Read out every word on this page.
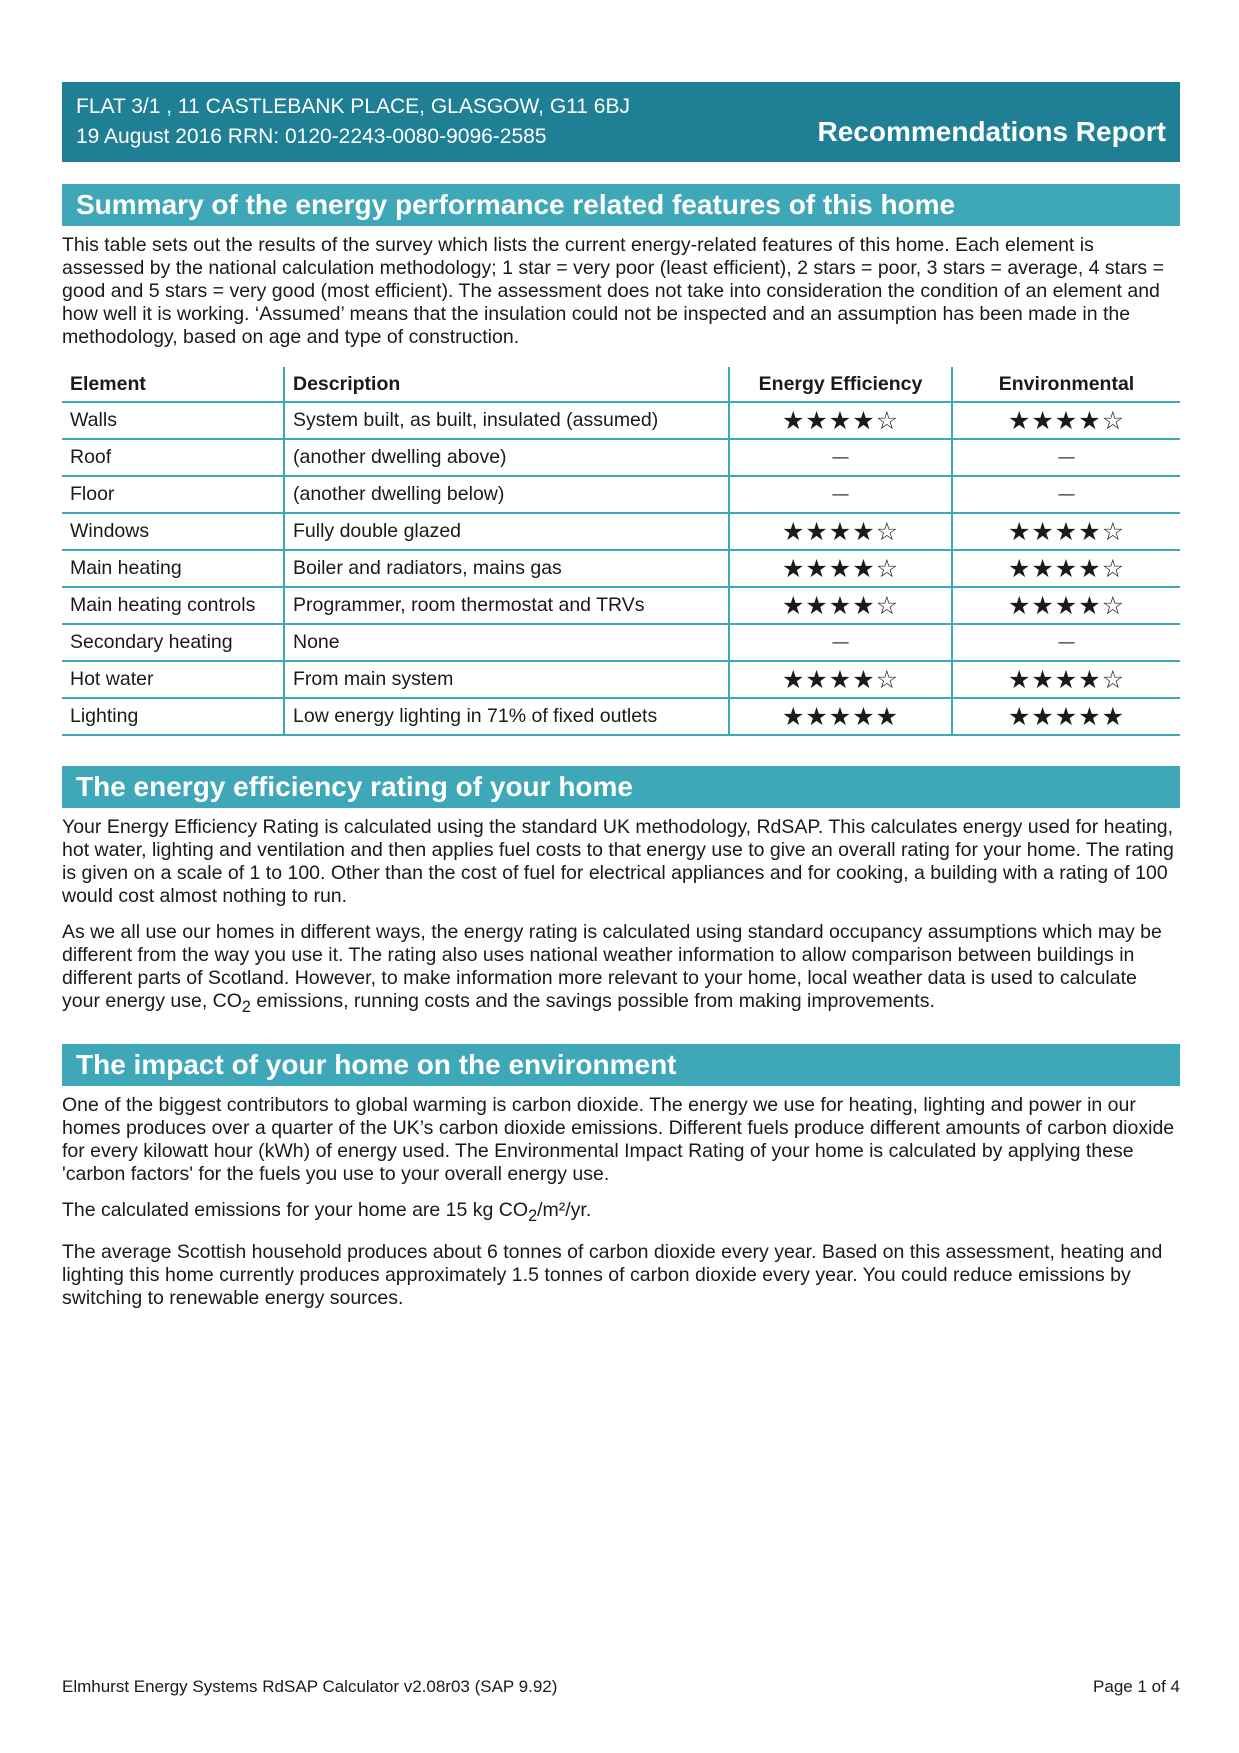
FLAT 3/1 , 11 CASTLEBANK PLACE, GLASGOW, G11 6BJ
19 August 2016 RRN: 0120-2243-0080-9096-2585	Recommendations Report
Summary of the energy performance related features of this home

This table sets out the results of the survey which lists the current energy-related features of this home. Each element is assessed by the national calculation methodology; 1 star = very poor (least efficient), 2 stars = poor, 3 stars = average, 4 stars = good and 5 stars = very good (most efficient). The assessment does not take into consideration the condition of an element and how well it is working. ‘Assumed’ means that the insulation could not be inspected and an assumption has been made in the methodology, based on age and type of construction.

Element	Description	Energy Efficiency	Environmental
Walls	System built, as built, insulated (assumed)	★★★★☆	★★★★☆
Roof	(another dwelling above)	—	—
Floor	(another dwelling below)	—	—
Windows	Fully double glazed	★★★★☆	★★★★☆
Main heating	Boiler and radiators, mains gas	★★★★☆	★★★★☆
Main heating controls	Programmer, room thermostat and TRVs	★★★★☆	★★★★☆
Secondary heating	None	—	—
Hot water	From main system	★★★★☆	★★★★☆
Lighting	Low energy lighting in 71% of fixed outlets	★★★★★	★★★★★
The energy efficiency rating of your home

Your Energy Efficiency Rating is calculated using the standard UK methodology, RdSAP. This calculates energy used for heating, hot water, lighting and ventilation and then applies fuel costs to that energy use to give an overall rating for your home. The rating is given on a scale of 1 to 100. Other than the cost of fuel for electrical appliances and for cooking, a building with a rating of 100 would cost almost nothing to run.

As we all use our homes in different ways, the energy rating is calculated using standard occupancy assumptions which may be different from the way you use it. The rating also uses national weather information to allow comparison between buildings in different parts of Scotland. However, to make information more relevant to your home, local weather data is used to calculate your energy use, $CO_2$ emissions, running costs and the savings possible from making improvements.

The impact of your home on the environment

One of the biggest contributors to global warming is carbon dioxide. The energy we use for heating, lighting and power in our homes produces over a quarter of the UK’s carbon dioxide emissions. Different fuels produce different amounts of carbon dioxide for every kilowatt hour (kWh) of energy used. The Environmental Impact Rating of your home is calculated by applying these 'carbon factors' for the fuels you use to your overall energy use.

The calculated emissions for your home are 15 kg $CO_2/m^2/yr$.

The average Scottish household produces about 6 tonnes of carbon dioxide every year. Based on this assessment, heating and lighting this home currently produces approximately 1.5 tonnes of carbon dioxide every year. You could reduce emissions by switching to renewable energy sources.

Elmhurst Energy Systems RdSAP Calculator v2.08r03 (SAP 9.92)	Page 1 of 4
